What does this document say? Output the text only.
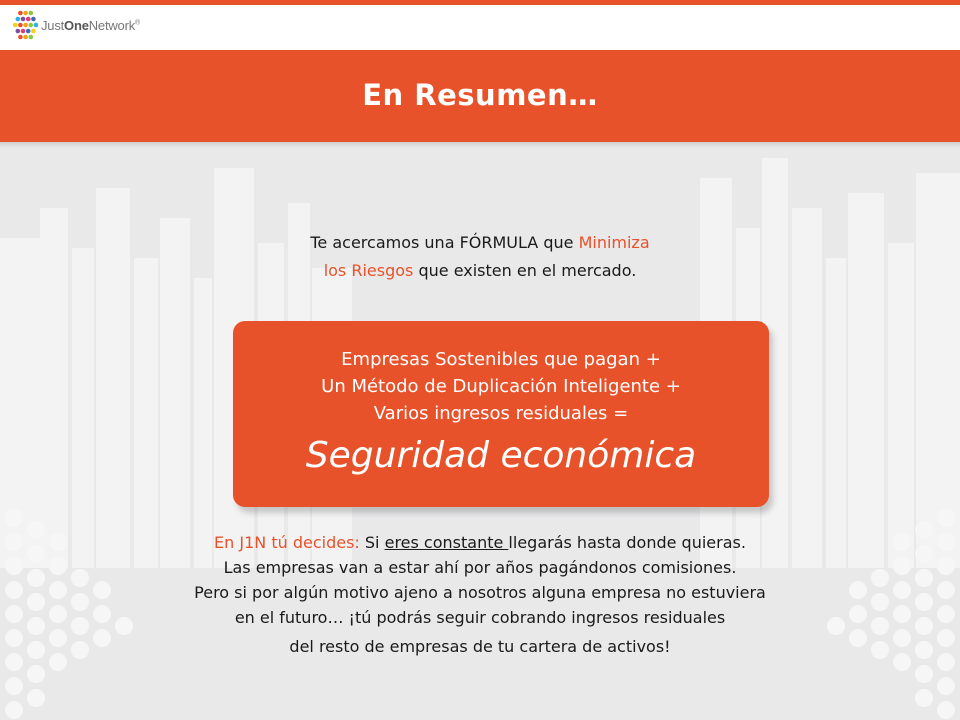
JustOneNetwork®
En Resumen…
Te acercamos una FÓRMULA que Minimiza
los Riesgos que existen en el mercado.
Empresas Sostenibles que pagan +
Un Método de Duplicación Inteligente +
Varios ingresos residuales =
Seguridad económica
En J1N tú decides: Si eres constante llegarás hasta donde quieras.
Las empresas van a estar ahí por años pagándonos comisiones.
Pero si por algún motivo ajeno a nosotros alguna empresa no estuviera
en el futuro… ¡tú podrás seguir cobrando ingresos residuales
del resto de empresas de tu cartera de activos!
